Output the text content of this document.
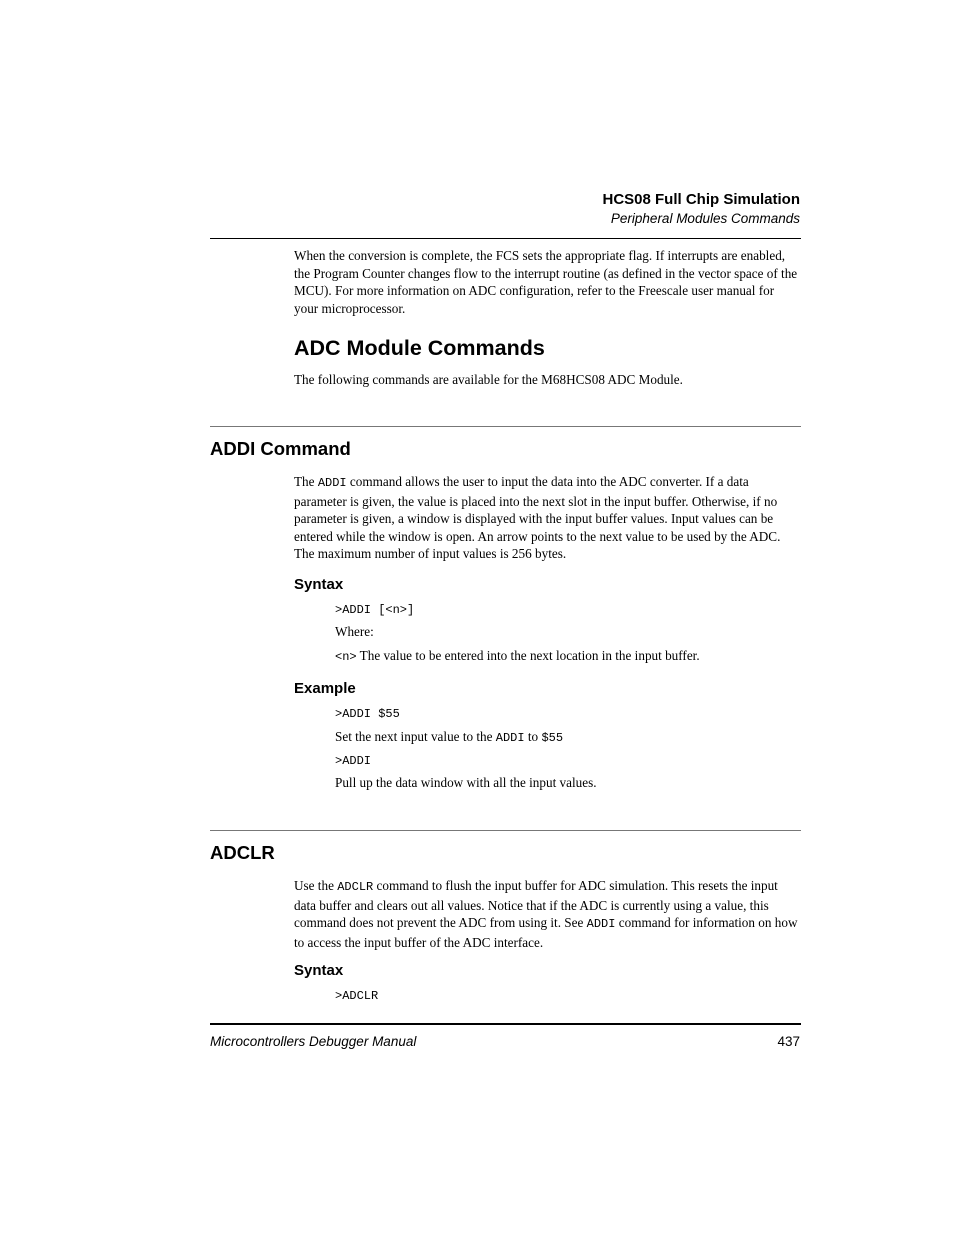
HCS08 Full Chip Simulation
Peripheral Modules Commands

When the conversion is complete, the FCS sets the appropriate flag. If interrupts are enabled, the Program Counter changes flow to the interrupt routine (as defined in the vector space of the MCU). For more information on ADC configuration, refer to the Freescale user manual for your microprocessor.

ADC Module Commands

The following commands are available for the M68HCS08 ADC Module.

ADDI Command

The ADDI command allows the user to input the data into the ADC converter. If a data parameter is given, the value is placed into the next slot in the input buffer. Otherwise, if no parameter is given, a window is displayed with the input buffer values. Input values can be entered while the window is open. An arrow points to the next value to be used by the ADC. The maximum number of input values is 256 bytes.

Syntax
>ADDI [<n>]
Where:
<n> The value to be entered into the next location in the input buffer.
Example
>ADDI $55
Set the next input value to the ADDI to $55
>ADDI
Pull up the data window with all the input values.
ADCLR

Use the ADCLR command to flush the input buffer for ADC simulation. This resets the input data buffer and clears out all values. Notice that if the ADC is currently using a value, this command does not prevent the ADC from using it. See ADDI command for information on how to access the input buffer of the ADC interface.

Syntax
>ADCLR
Microcontrollers Debugger Manual	437
